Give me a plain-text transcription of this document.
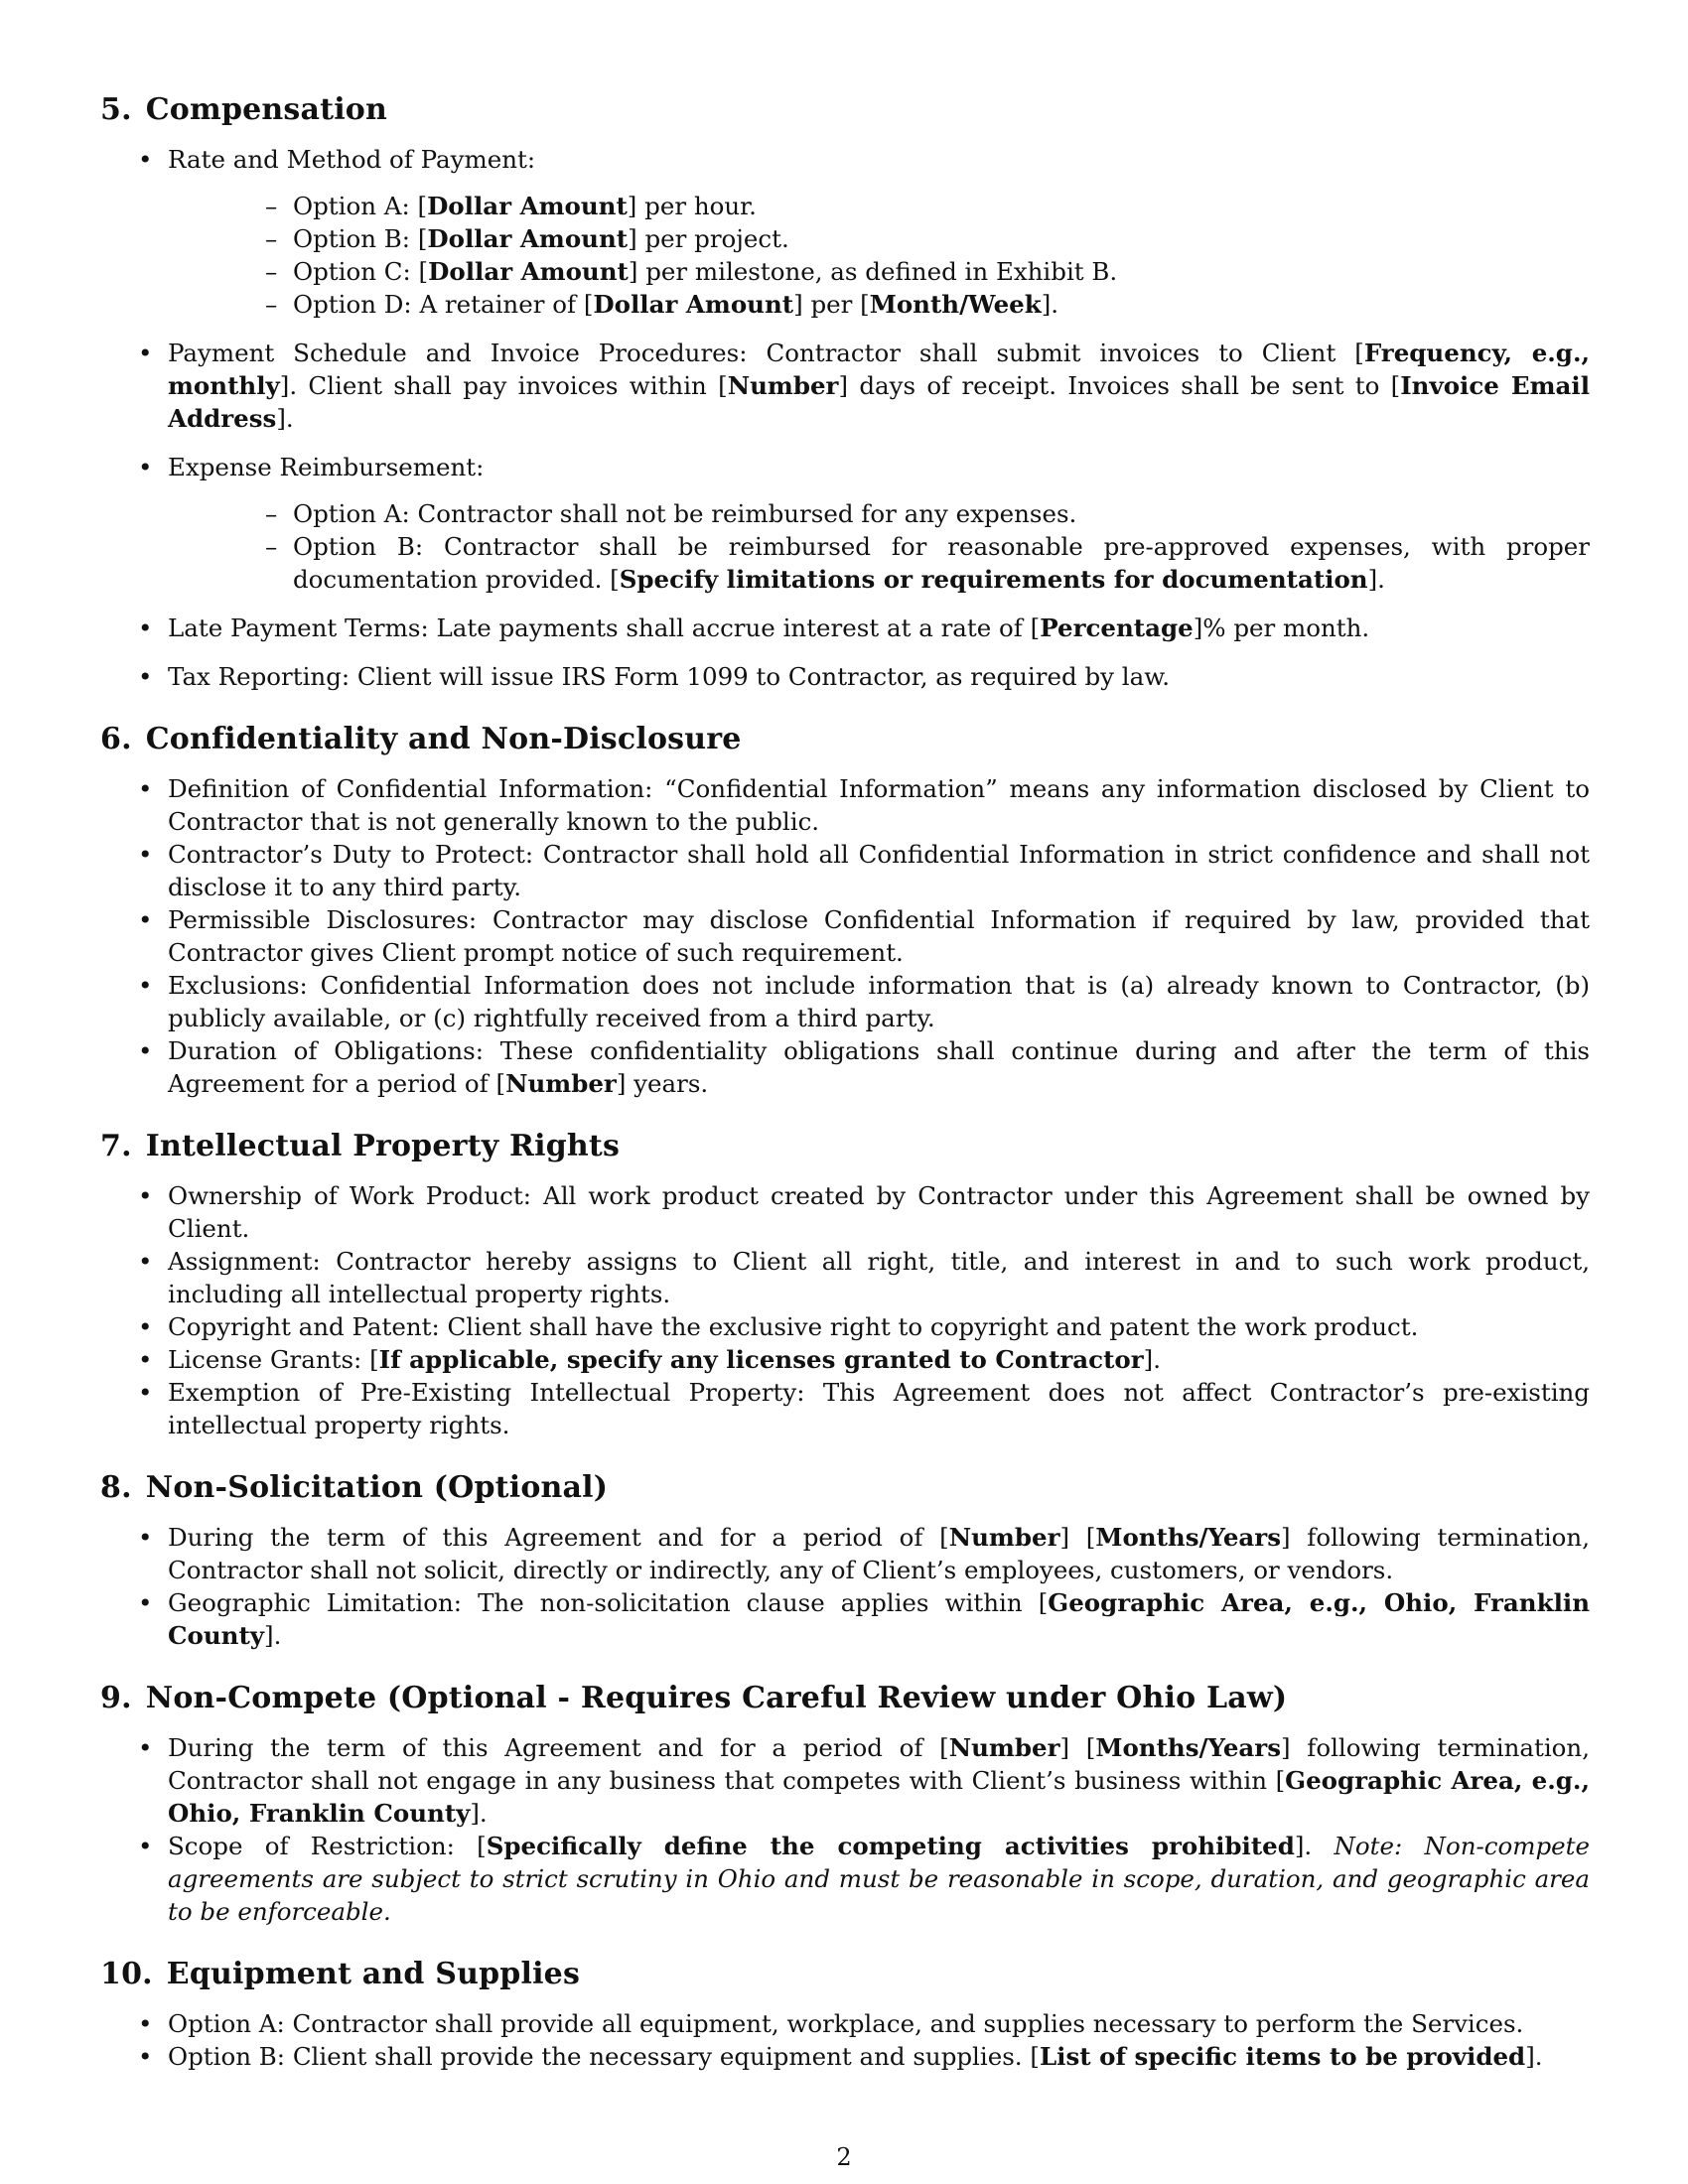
5. Compensation
• Rate and Method of Payment:
– Option A: [Dollar Amount] per hour.
– Option B: [Dollar Amount] per project.
– Option C: [Dollar Amount] per milestone, as defined in Exhibit B.
– Option D: A retainer of [Dollar Amount] per [Month/Week].
• Payment Schedule and Invoice Procedures: Contractor shall submit invoices to Client [Frequency, e.g., monthly]. Client shall pay invoices within [Number] days of receipt. Invoices shall be sent to [Invoice Email Address].
• Expense Reimbursement:
– Option A: Contractor shall not be reimbursed for any expenses.
– Option B: Contractor shall be reimbursed for reasonable pre-approved expenses, with proper documentation provided. [Specify limitations or requirements for documentation].
• Late Payment Terms: Late payments shall accrue interest at a rate of [Percentage]% per month.
• Tax Reporting: Client will issue IRS Form 1099 to Contractor, as required by law.
6. Confidentiality and Non-Disclosure
• Definition of Confidential Information: “Confidential Information” means any information disclosed by Client to Contractor that is not generally known to the public.
• Contractor’s Duty to Protect: Contractor shall hold all Confidential Information in strict confidence and shall not disclose it to any third party.
• Permissible Disclosures: Contractor may disclose Confidential Information if required by law, provided that Contractor gives Client prompt notice of such requirement.
• Exclusions: Confidential Information does not include information that is (a) already known to Contractor, (b) publicly available, or (c) rightfully received from a third party.
• Duration of Obligations: These confidentiality obligations shall continue during and after the term of this Agreement for a period of [Number] years.
7. Intellectual Property Rights
• Ownership of Work Product: All work product created by Contractor under this Agreement shall be owned by Client.
• Assignment: Contractor hereby assigns to Client all right, title, and interest in and to such work product, including all intellectual property rights.
• Copyright and Patent: Client shall have the exclusive right to copyright and patent the work product.
• License Grants: [If applicable, specify any licenses granted to Contractor].
• Exemption of Pre-Existing Intellectual Property: This Agreement does not affect Contractor’s pre-existing intellectual property rights.
8. Non-Solicitation (Optional)
• During the term of this Agreement and for a period of [Number] [Months/Years] following termination, Contractor shall not solicit, directly or indirectly, any of Client’s employees, customers, or vendors.
• Geographic Limitation: The non-solicitation clause applies within [Geographic Area, e.g., Ohio, Franklin County].
9. Non-Compete (Optional - Requires Careful Review under Ohio Law)
• During the term of this Agreement and for a period of [Number] [Months/Years] following termination, Contractor shall not engage in any business that competes with Client’s business within [Geographic Area, e.g., Ohio, Franklin County].
• Scope of Restriction: [Specifically define the competing activities prohibited]. Note: Non-compete agreements are subject to strict scrutiny in Ohio and must be reasonable in scope, duration, and geographic area to be enforceable.
10. Equipment and Supplies
• Option A: Contractor shall provide all equipment, workplace, and supplies necessary to perform the Services.
• Option B: Client shall provide the necessary equipment and supplies. [List of specific items to be provided].
2
